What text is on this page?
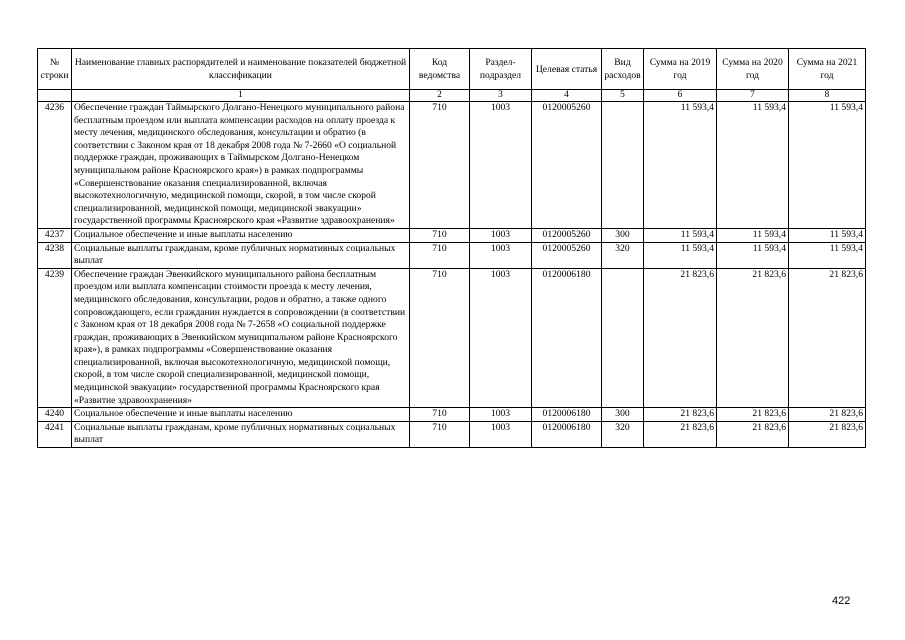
№ строки	Наименование главных распорядителей и наименование показателей бюджетной классификации	Код ведомства	Раздел-подраздел	Целевая статья	Вид расходов	Сумма на 2019 год	Сумма на 2020 год	Сумма на 2021 год
	1	2	3	4	5	6	7	8
4236	Обеспечение граждан Таймырского Долгано-Ненецкого муниципального района бесплатным проездом или выплата компенсации расходов на оплату проезда к месту лечения, медицинского обследования, консультации и обратно (в соответствии с Законом края от 18 декабря 2008 года № 7-2660 «О социальной поддержке граждан, проживающих в Таймырском Долгано-Ненецком муниципальном районе Красноярского края») в рамках подпрограммы «Совершенствование оказания специализированной, включая высокотехнологичную, медицинской помощи, скорой, в том числе скорой специализированной, медицинской помощи, медицинской эвакуации» государственной программы Красноярского края «Развитие здравоохранения»	710	1003	0120005260		11 593,4	11 593,4	11 593,4
4237	Социальное обеспечение и иные выплаты населению	710	1003	0120005260	300	11 593,4	11 593,4	11 593,4
4238	Социальные выплаты гражданам, кроме публичных нормативных социальных выплат	710	1003	0120005260	320	11 593,4	11 593,4	11 593,4
4239	Обеспечение граждан Эвенкийского муниципального района бесплатным проездом или выплата компенсации стоимости проезда к месту лечения, медицинского обследования, консультации, родов и обратно, а также одного сопровождающего, если гражданин нуждается в сопровождении (в соответствии с Законом края от 18 декабря 2008 года № 7-2658 «О социальной поддержке граждан, проживающих в Эвенкийском муниципальном районе Красноярского края»), в рамках подпрограммы «Совершенствование оказания специализированной, включая высокотехнологичную, медицинской помощи, скорой, в том числе скорой специализированной, медицинской помощи, медицинской эвакуации» государственной программы Красноярского края «Развитие здравоохранения»	710	1003	0120006180		21 823,6	21 823,6	21 823,6
4240	Социальное обеспечение и иные выплаты населению	710	1003	0120006180	300	21 823,6	21 823,6	21 823,6
4241	Социальные выплаты гражданам, кроме публичных нормативных социальных выплат	710	1003	0120006180	320	21 823,6	21 823,6	21 823,6
422
